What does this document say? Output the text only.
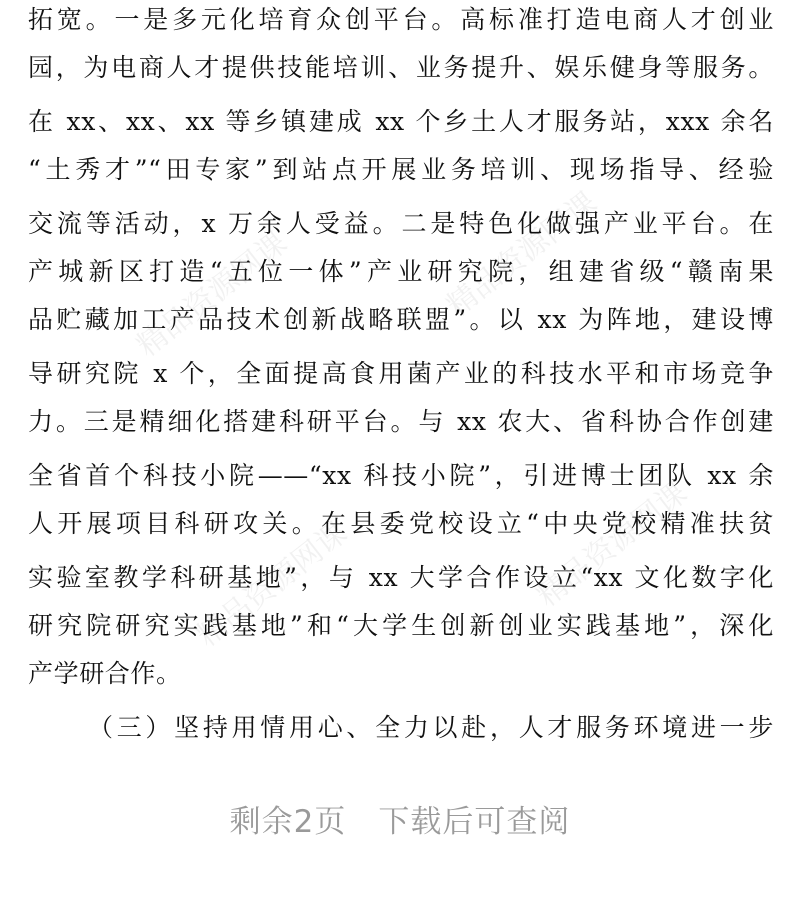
精品资源网课	精品资源网课
精品资源网课	精品资源网课
拓宽。一是多元化培育众创平台。高标准打造电商人才创业
园，为电商人才提供技能培训、业务提升、娱乐健身等服务。
在 xx、xx、xx 等乡镇建成 xx 个乡土人才服务站，xxx 余名
“土秀才”“田专家”到站点开展业务培训、现场指导、经验
交流等活动，x 万余人受益。二是特色化做强产业平台。在
产城新区打造“五位一体”产业研究院，组建省级“赣南果
品贮藏加工产品技术创新战略联盟”。以 xx 为阵地，建设博
导研究院 x 个，全面提高食用菌产业的科技水平和市场竞争
力。三是精细化搭建科研平台。与 xx 农大、省科协合作创建
全省首个科技小院——“xx 科技小院”，引进博士团队 xx 余
人开展项目科研攻关。在县委党校设立“中央党校精准扶贫
实验室教学科研基地”，与 xx 大学合作设立“xx 文化数字化
研究院研究实践基地”和“大学生创新创业实践基地”，深化
产学研合作。
（三）坚持用情用心、全力以赴，人才服务环境进一步
剩余2页　下载后可查阅
